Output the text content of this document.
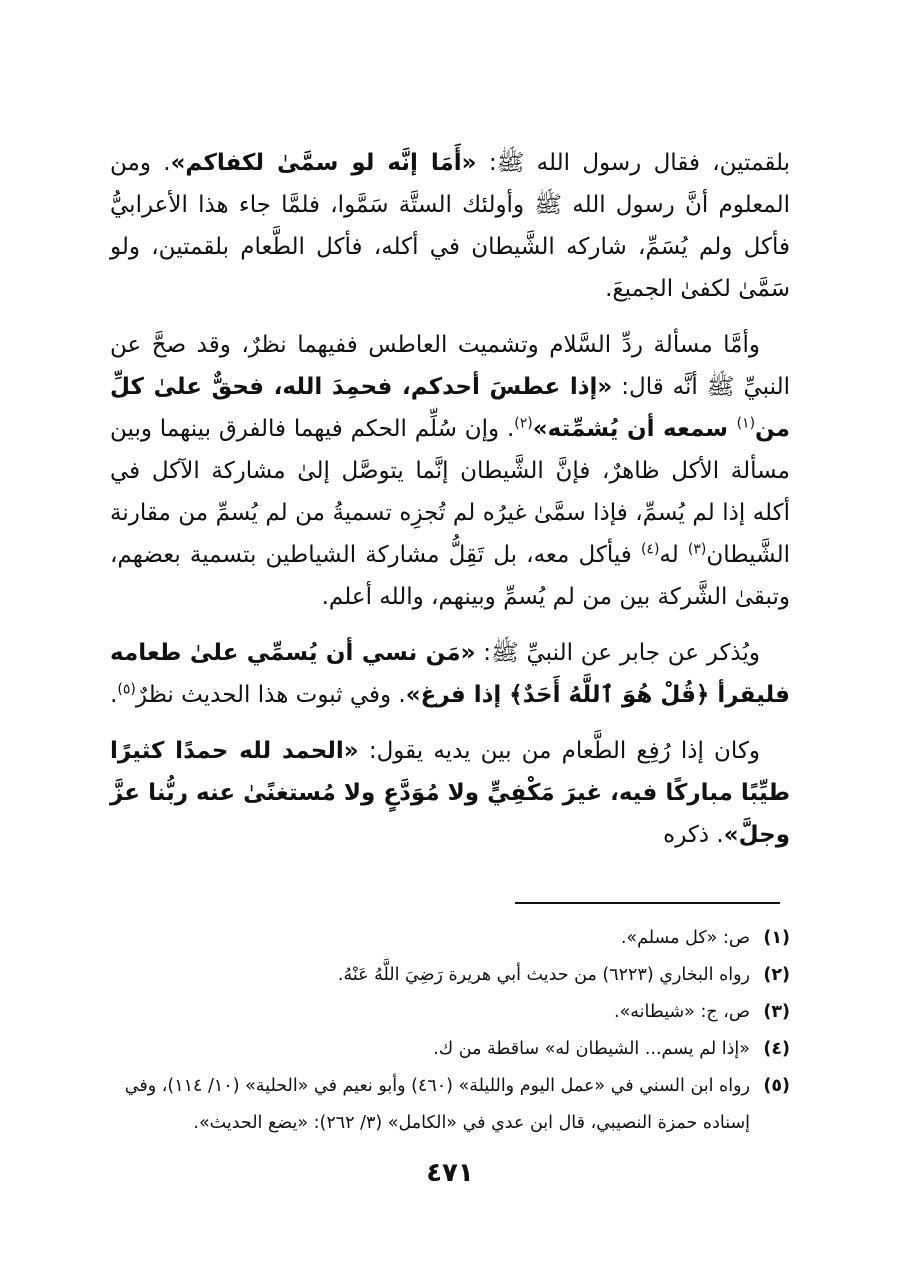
بلقمتين، فقال رسول الله ﷺ: «أَمَا إنَّه لو سمَّىٰ لكفاكم». ومن المعلوم أنَّ رسول الله ﷺ وأولئك الستَّة سَمَّوا، فلمَّا جاء هذا الأعرابيُّ فأكل ولم يُسَمِّ، شاركه الشَّيطان في أكله، فأكل الطَّعام بلقمتين، ولو سَمَّىٰ لكفىٰ الجميعَ.

وأمَّا مسألة ردِّ السَّلام وتشميت العاطس ففيهما نظرٌ، وقد صحَّ عن النبيِّ ﷺ أنَّه قال: «إذا عطسَ أحدكم، فحمِدَ الله، فحقٌّ علىٰ كلِّ من$^{(١)}$ سمعه أن يُشمِّته»$^{(٢)}$. وإن سُلِّم الحكم فيهما فالفرق بينهما وبين مسألة الأكل ظاهرٌ، فإنَّ الشَّيطان إنَّما يتوصَّل إلىٰ مشاركة الآكل في أكله إذا لم يُسمِّ، فإذا سمَّىٰ غيرُه لم تُجزِه تسميةُ من لم يُسمِّ من مقارنة الشَّيطان$^{(٣)}$ له$^{(٤)}$ فيأكل معه، بل تَقِلُّ مشاركة الشياطين بتسمية بعضهم، وتبقىٰ الشَّركة بين من لم يُسمِّ وبينهم، والله أعلم.

ويُذكر عن جابر عن النبيِّ ﷺ: «مَن نسي أن يُسمِّي علىٰ طعامه فليقرأ ﴿قُلْ هُوَ ٱللَّهُ أَحَدٌ﴾ إذا فرغ». وفي ثبوت هذا الحديث نظرٌ$^{(٥)}$.

وكان إذا رُفِع الطَّعام من بين يديه يقول: «الحمد لله حمدًا كثيرًا طيِّبًا مباركًا فيه، غيرَ مَكْفِيٍّ ولا مُوَدَّعٍ ولا مُستغنًىٰ عنه ربُّنا عزَّ وجلَّ». ذكره

(١)
ص: «كل مسلم».
(٢)
رواه البخاري (٦٢٢٣) من حديث أبي هريرة رَضِيَ اللَّهُ عَنْهُ.
(٣)
ص، ج: «شيطانه».
(٤)
«إذا لم يسم... الشيطان له» ساقطة من ك.
(٥)
رواه ابن السني في «عمل اليوم والليلة» (٤٦٠) وأبو نعيم في «الحلية» (١٠/ ١١٤)، وفي إسناده حمزة النصيبي، قال ابن عدي في «الكامل» (٣/ ٢٦٢): «يضع الحديث».
٤٧١
